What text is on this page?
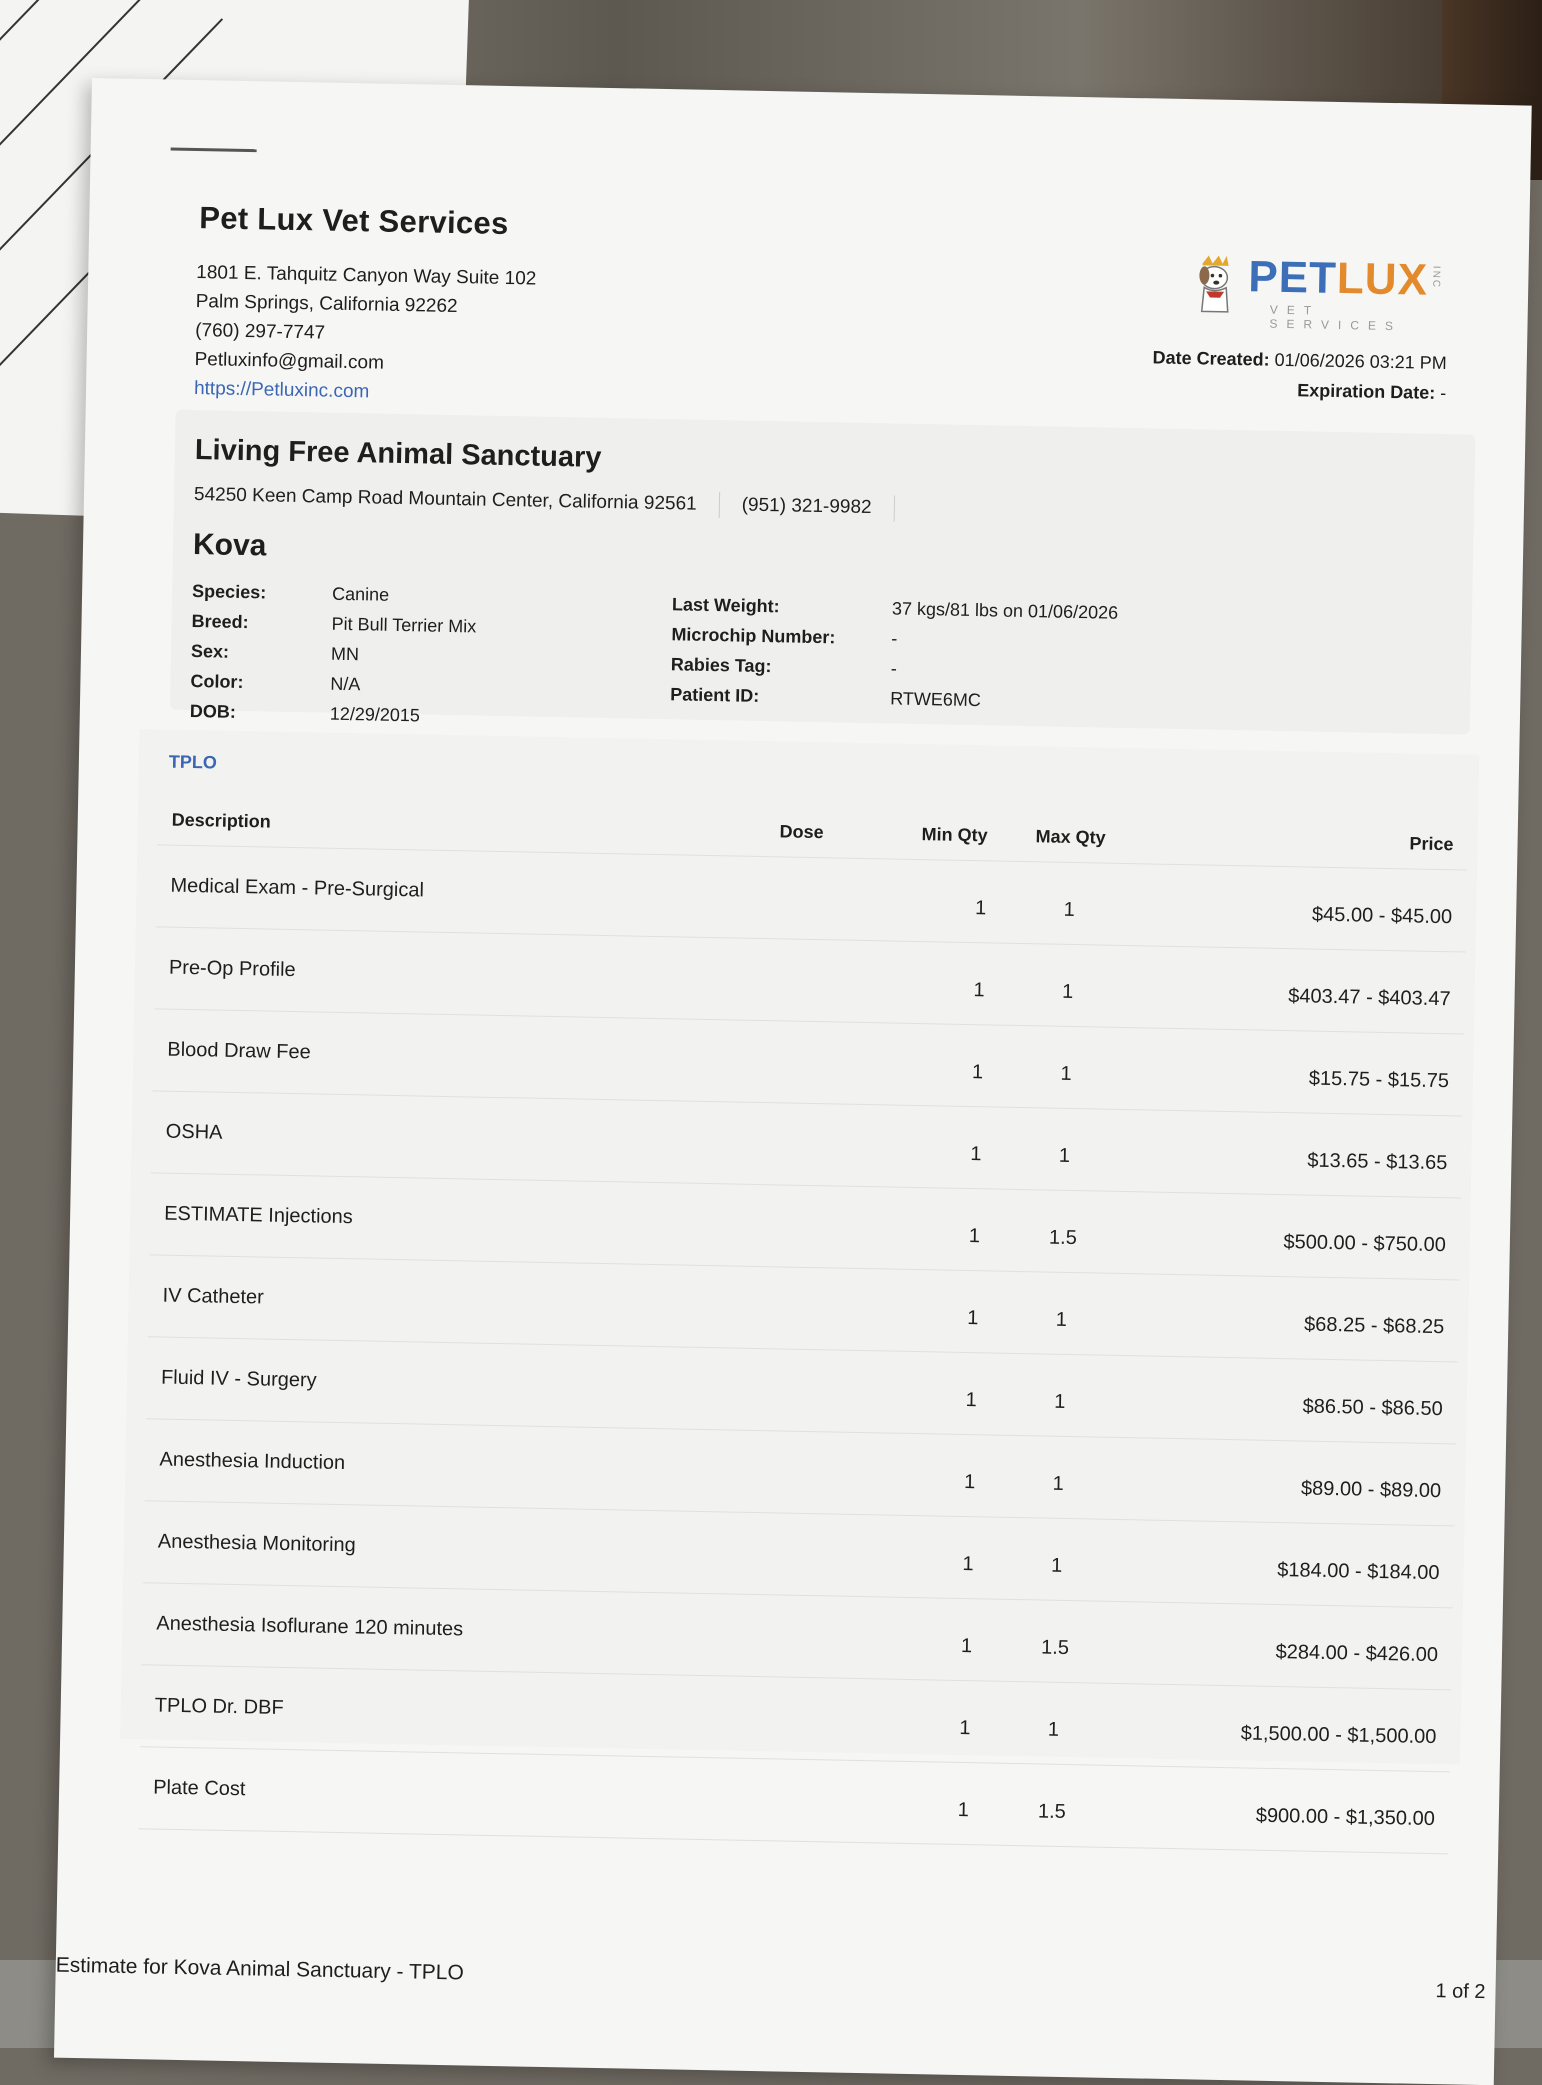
Pet Lux Vet Services
1801 E. Tahquitz Canyon Way Suite 102
Palm Springs, California 92262
(760) 297-7747
Petluxinfo@gmail.com
https://Petluxinc.com
PETLUX
VET SERVICES
INC
Date Created: 01/06/2026 03:21 PM
Expiration Date: -
Living Free Animal Sanctuary
54250 Keen Camp Road Mountain Center, California 92561 (951) 321-9982
Kova
Species:	Canine
Breed:	Pit Bull Terrier Mix
Sex:	MN
Color:	N/A
DOB:	12/29/2015
Last Weight:	37 kgs/81 lbs on 01/06/2026
Microchip Number:	-
Rabies Tag:	-
Patient ID:	RTWE6MC
TPLO
Description	Dose	Min Qty	Max Qty	Price
Medical Exam - Pre-Surgical		1	1	$45.00 - $45.00
Pre-Op Profile		1	1	$403.47 - $403.47
Blood Draw Fee		1	1	$15.75 - $15.75
OSHA		1	1	$13.65 - $13.65
ESTIMATE Injections		1	1.5	$500.00 - $750.00
IV Catheter		1	1	$68.25 - $68.25
Fluid IV - Surgery		1	1	$86.50 - $86.50
Anesthesia Induction		1	1	$89.00 - $89.00
Anesthesia Monitoring		1	1	$184.00 - $184.00
Anesthesia Isoflurane 120 minutes		1	1.5	$284.00 - $426.00
TPLO Dr. DBF		1	1	$1,500.00 - $1,500.00
Plate Cost		1	1.5	$900.00 - $1,350.00
Estimate for Kova Animal Sanctuary - TPLO
1 of 2
